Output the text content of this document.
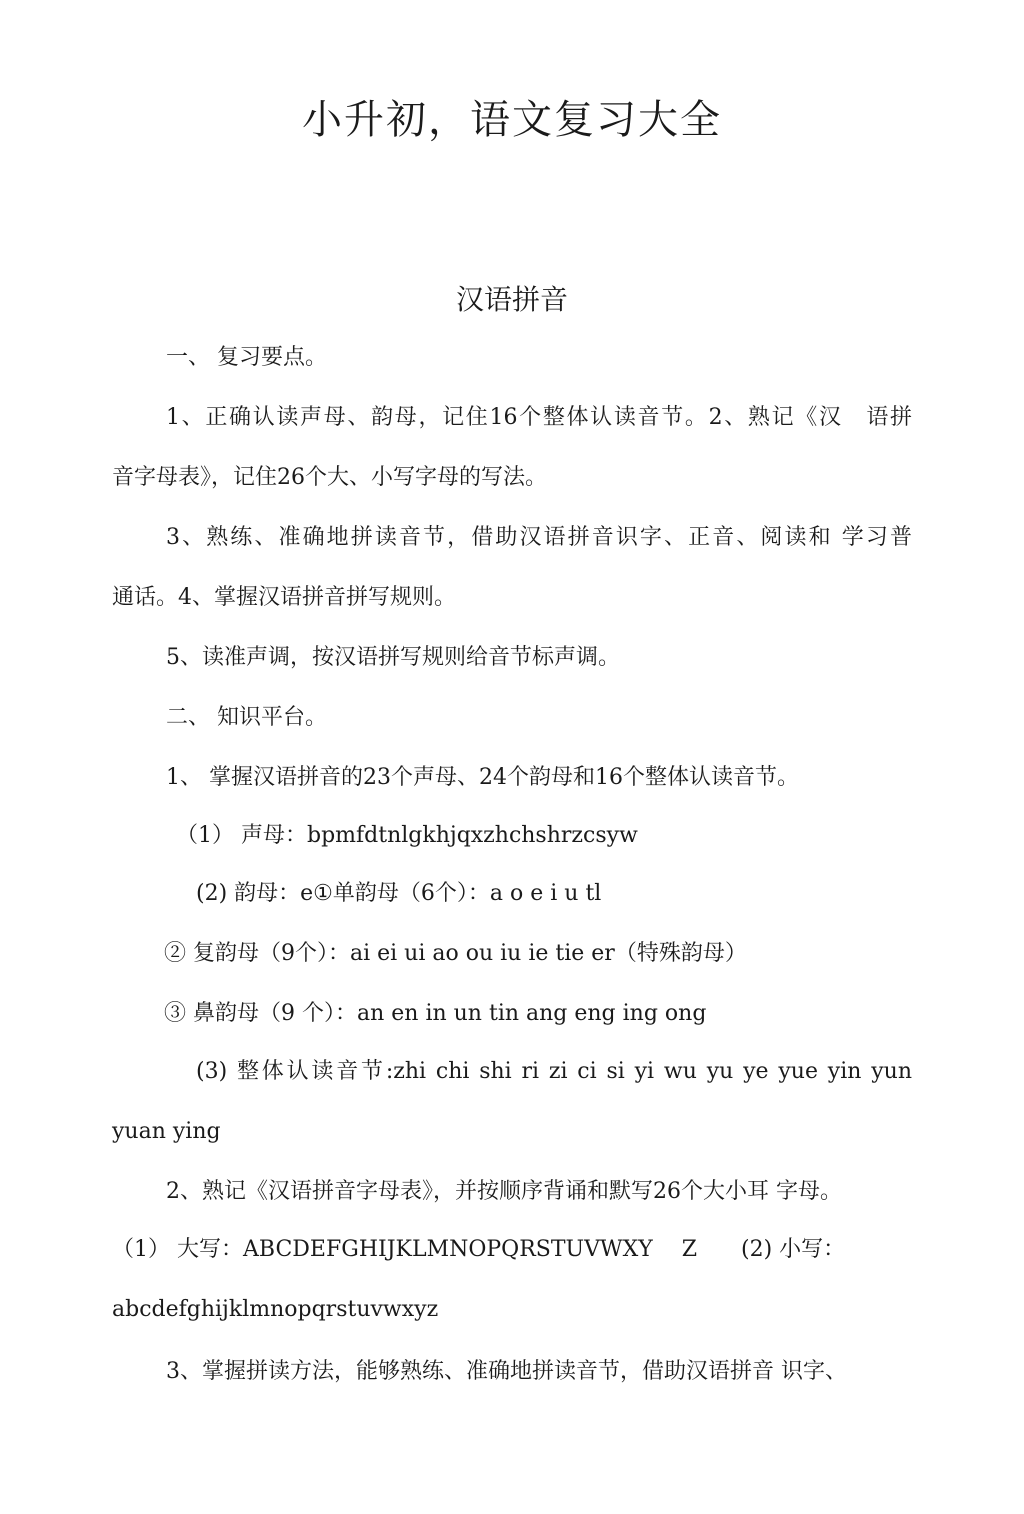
小升初，语文复习大全
汉语拼音

一、 复习要点。

1、正确认读声母、韵母，记住16个整体认读音节。2、熟记《汉　语拼

音字母表》，记住26个大、小写字母的写法。

3、熟练、准确地拼读音节，借助汉语拼音识字、正音、阅读和 学习普

通话。4、掌握汉语拼音拼写规则。

5、读准声调，按汉语拼写规则给音节标声调。

二、 知识平台。

1、 掌握汉语拼音的23个声母、24个韵母和16个整体认读音节。

（1） 声母：bpmfdtnlgkhjqxzhchshrzcsyw

(2) 韵母：e①单韵母（6个）：a o e i u tl

② 复韵母（9个）：ai ei ui ao ou iu ie tie er（特殊韵母）

③ 鼻韵母（9 个）：an en in un tin ang eng ing ong

(3) 整体认读音节:zhi chi shi ri zi ci si yi wu yu ye yue yin yun

yuan ying

2、熟记《汉语拼音字母表》，并按顺序背诵和默写26个大小耳 字母。

（1） 大写：ABCDEFGHIJKLMNOPQRSTUVWXY　 Z　　(2) 小写：

abcdefghijklmnopqrstuvwxyz

3、掌握拼读方法，能够熟练、准确地拼读音节，借助汉语拼音 识字、
